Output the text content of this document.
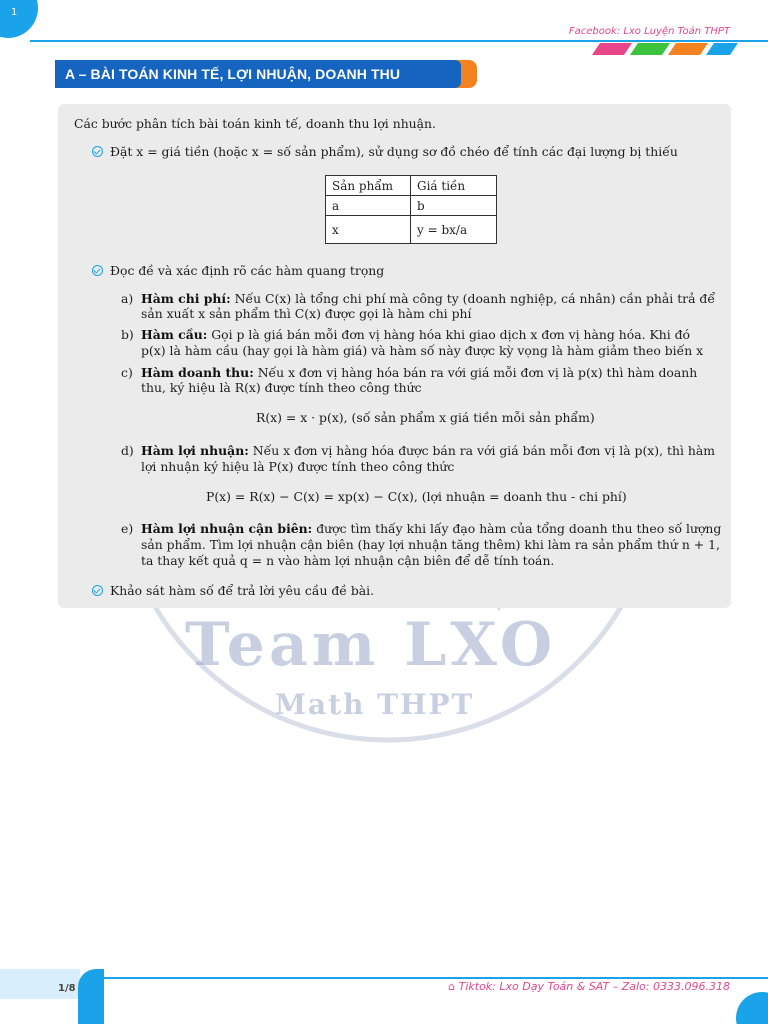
1
Facebook: Lxo Luyện Toán THPT
A – BÀI TOÁN KINH TẾ, LỢI NHUẬN, DOANH THU
Team LXO
Math THPT
Các bước phân tích bài toán kinh tế, doanh thu lợi nhuận.
Đặt x = giá tiền (hoặc x = số sản phẩm), sử dụng sơ đồ chéo để tính các đại lượng bị thiếu
Sản phẩm	Giá tiền
a	b
x	y = bx/a
Đọc đề và xác định rõ các hàm quang trọng
a) Hàm chi phí: Nếu C(x) là tổng chi phí mà công ty (doanh nghiệp, cá nhân) cần phải trả để
sản xuất x sản phẩm thì C(x) được gọi là hàm chi phí
b) Hàm cầu: Gọi p là giá bán mỗi đơn vị hàng hóa khi giao dịch x đơn vị hàng hóa. Khi đó
p(x) là hàm cầu (hay gọi là hàm giá) và hàm số này được kỳ vọng là hàm giảm theo biến x
c) Hàm doanh thu: Nếu x đơn vị hàng hóa bán ra với giá mỗi đơn vị là p(x) thì hàm doanh
thu, ký hiệu là R(x) được tính theo công thức
R(x) = x · p(x), (số sản phẩm x giá tiền mỗi sản phẩm)
d) Hàm lợi nhuận: Nếu x đơn vị hàng hóa được bán ra với giá bán mỗi đơn vị là p(x), thì hàm
lợi nhuận ký hiệu là P(x) được tính theo công thức
P(x) = R(x) − C(x) = xp(x) − C(x), (lợi nhuận = doanh thu - chi phí)
e) Hàm lợi nhuận cận biên: được tìm thấy khi lấy đạo hàm của tổng doanh thu theo số lượng
sản phẩm. Tìm lợi nhuận cận biên (hay lợi nhuận tăng thêm) khi làm ra sản phẩm thứ n + 1,
ta thay kết quả q = n vào hàm lợi nhuận cận biên để dễ tính toán.
Khảo sát hàm số để trả lời yêu cầu đề bài.
1/8	⌂ Tiktok: Lxo Dạy Toán & SAT – Zalo: 0333.096.318
